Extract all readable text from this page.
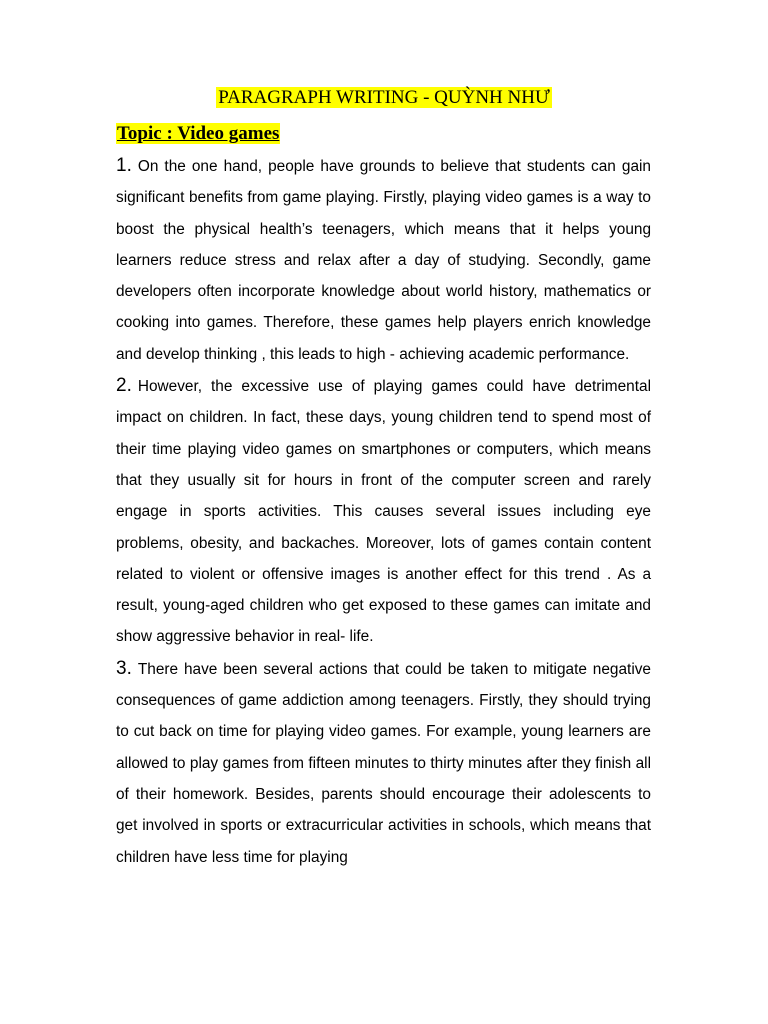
PARAGRAPH WRITING - QUỲNH NHƯ
Topic : Video games

1. On the one hand, people have grounds to believe that students can gain significant benefits from game playing. Firstly, playing video games is a way to boost the physical health’s teenagers, which means that it helps young learners reduce stress and relax after a day of studying. Secondly, game developers often incorporate knowledge about world history, mathematics or cooking into games. Therefore, these games help players enrich knowledge and develop thinking , this leads to high - achieving academic performance.

2. However, the excessive use of playing games could have detrimental impact on children. In fact, these days, young children tend to spend most of their time playing video games on smartphones or computers, which means that they usually sit for hours in front of the computer screen and rarely engage in sports activities. This causes several issues including eye problems, obesity, and backaches. Moreover, lots of games contain content related to violent or offensive images is another effect for this trend . As a result, young-aged children who get exposed to these games can imitate and show aggressive behavior in real- life.

3. There have been several actions that could be taken to mitigate negative consequences of game addiction among teenagers. Firstly, they should trying to cut back on time for playing video games. For example, young learners are allowed to play games from fifteen minutes to thirty minutes after they finish all of their homework. Besides, parents should encourage their adolescents to get involved in sports or extracurricular activities in schools, which means that children have less time for playing
